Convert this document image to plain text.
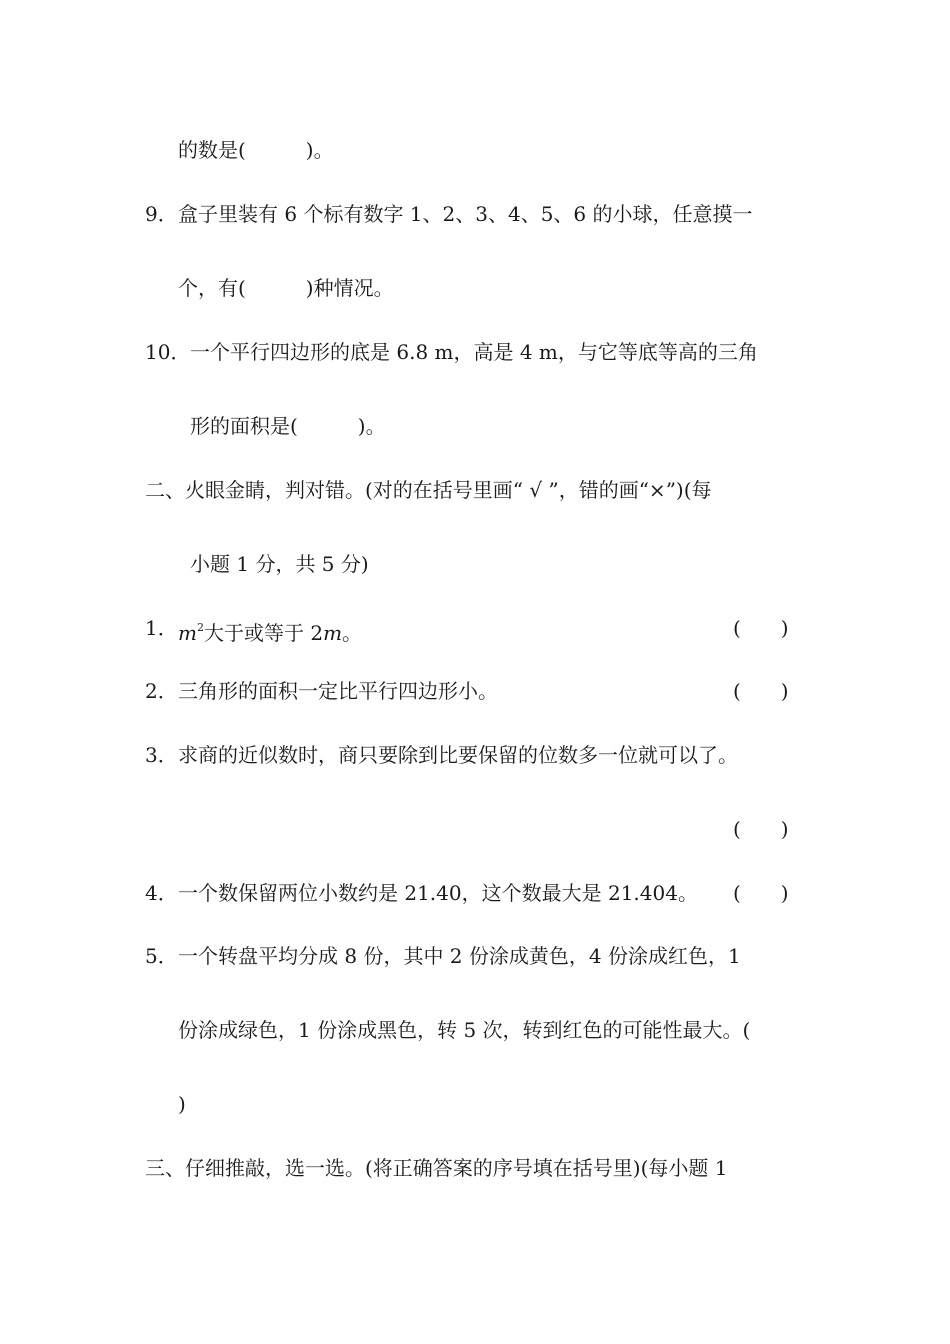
的数是(　　　)。
9． 盒子里装有 6 个标有数字 1、2、3、4、5、6 的小球，任意摸一
个，有(　　　)种情况。
10． 一个平行四边形的底是 6.8 m，高是 4 m，与它等底等高的三角
形的面积是(　　　)。
二、火眼金睛，判对错。(对的在括号里画“ √ ”，错的画“×”)(每
小题 1 分，共 5 分)
1． $m^2$大于或等于 2m。	(　　)
2． 三角形的面积一定比平行四边形小。	(　　)
3． 求商的近似数时，商只要除到比要保留的位数多一位就可以了。
(　　)
4． 一个数保留两位小数约是 21.40，这个数最大是 21.404。 (　　)
5． 一个转盘平均分成 8 份，其中 2 份涂成黄色，4 份涂成红色，1
份涂成绿色，1 份涂成黑色，转 5 次，转到红色的可能性最大。(
)
三、仔细推敲，选一选。(将正确答案的序号填在括号里)(每小题 1
